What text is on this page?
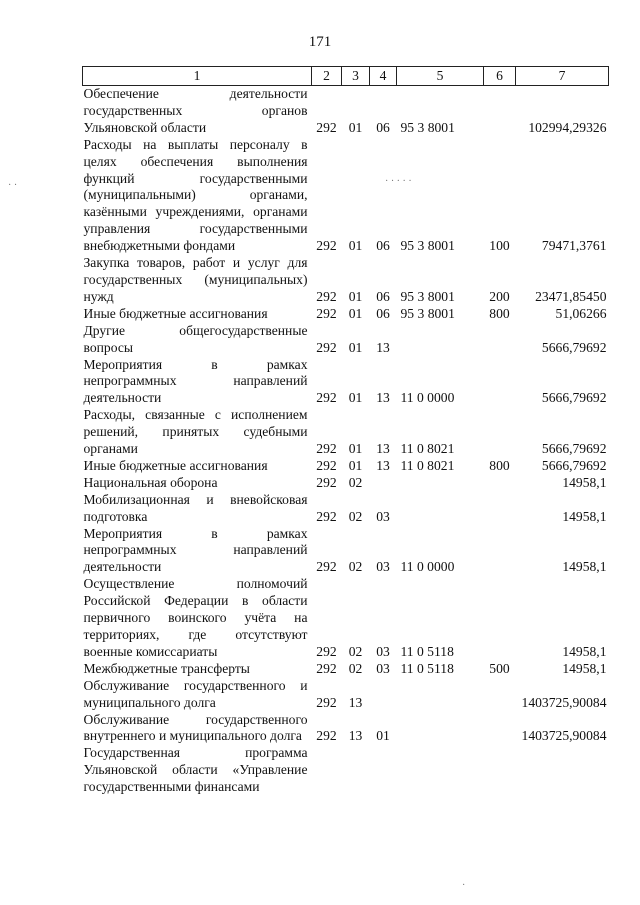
171
· ·	· · · · ·
·
1	2	3	4	5	6	7
Обеспечение деятельности государственных органов Ульяновской области	292	01	06	95 3 8001		102994,29326
Расходы на выплаты персоналу в целях обеспечения выполнения функций государственными (муниципальными) органами, казёнными учреждениями, органами управления государственными внебюджетными фондами	292	01	06	95 3 8001	100	79471,3761
Закупка товаров, работ и услуг для государственных (муниципальных) нужд	292	01	06	95 3 8001	200	23471,85450
Иные бюджетные ассигнования	292	01	06	95 3 8001	800	51,06266
Другие общегосударственные вопросы	292	01	13			5666,79692
Мероприятия в рамках непрограммных направлений деятельности	292	01	13	11 0 0000		5666,79692
Расходы, связанные с исполнением решений, принятых судебными органами	292	01	13	11 0 8021		5666,79692
Иные бюджетные ассигнования	292	01	13	11 0 8021	800	5666,79692
Национальная оборона	292	02				14958,1
Мобилизационная и вневойсковая подготовка	292	02	03			14958,1
Мероприятия в рамках непрограммных направлений деятельности	292	02	03	11 0 0000		14958,1
Осуществление полномочий Российской Федерации в области первичного воинского учёта на территориях, где отсутствуют военные комиссариаты	292	02	03	11 0 5118		14958,1
Межбюджетные трансферты	292	02	03	11 0 5118	500	14958,1
Обслуживание государственного и муниципального долга	292	13				1403725,90084
Обслуживание государственного внутреннего и муниципального долга	292	13	01			1403725,90084
Государственная программа Ульяновской области «Управление государственными финансами						
